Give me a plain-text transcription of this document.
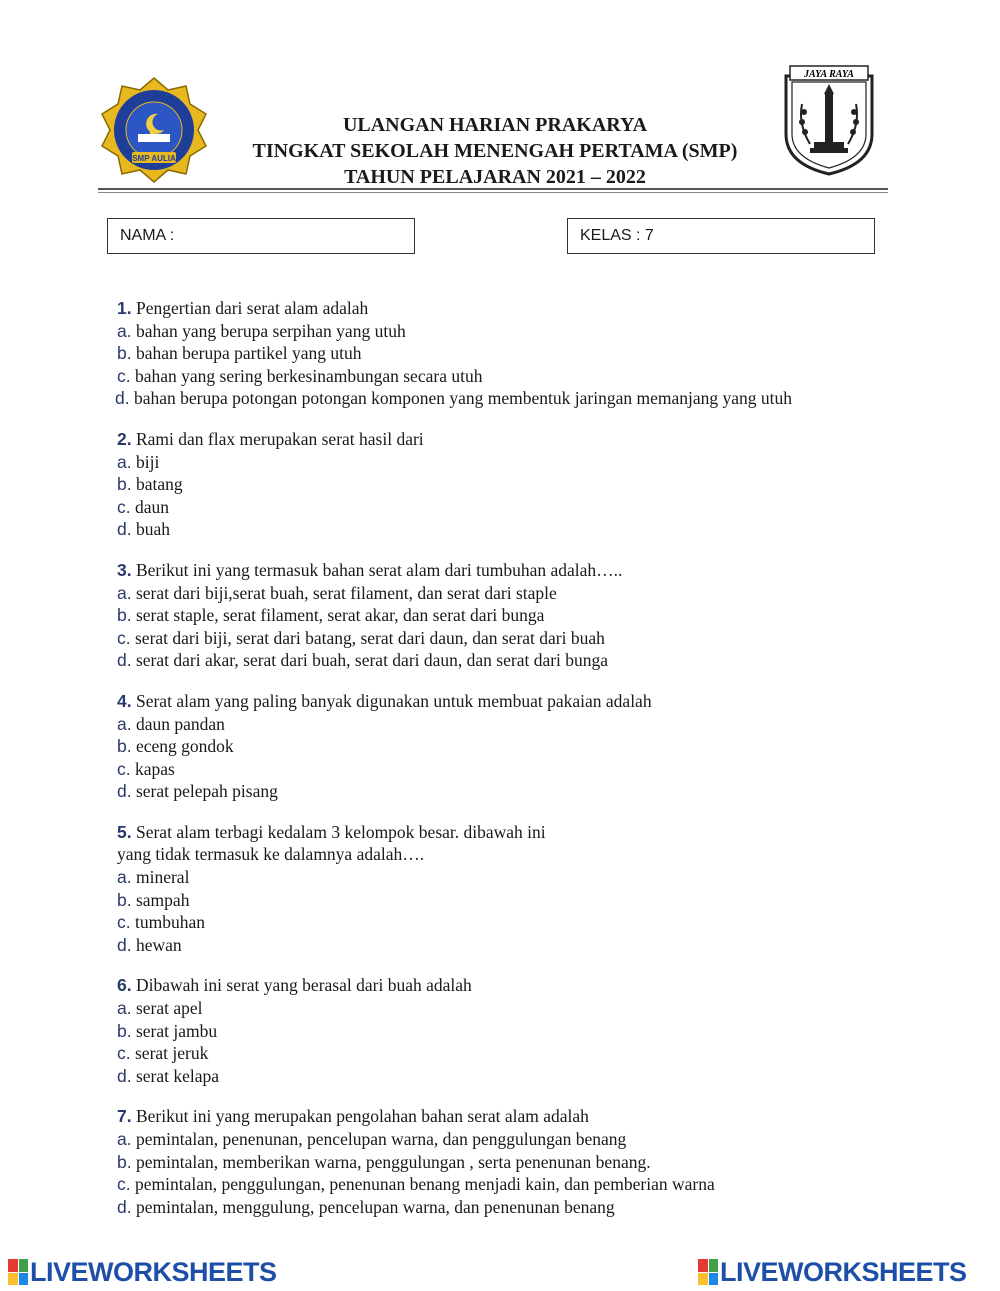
SMP AULIA
JAYA RAYA
ULANGAN HARIAN PRAKARYA
TINGKAT SEKOLAH MENENGAH PERTAMA (SMP)
TAHUN PELAJARAN 2021 – 2022
NAMA :	KELAS : 7
1. Pengertian dari serat alam adalah
a. bahan yang berupa serpihan yang utuh
b. bahan berupa partikel yang utuh
c. bahan yang sering berkesinambungan secara utuh
d. bahan berupa potongan potongan komponen yang membentuk jaringan memanjang yang utuh
2. Rami dan flax merupakan serat hasil dari
a. biji
b. batang
c. daun
d. buah
3. Berikut ini yang termasuk bahan serat alam dari tumbuhan adalah…..
a. serat dari biji,serat buah, serat filament, dan serat dari staple
b. serat staple, serat filament, serat akar, dan serat dari bunga
c. serat dari biji, serat dari batang, serat dari daun, dan serat dari buah
d. serat dari akar, serat dari buah, serat dari daun, dan serat dari bunga
4. Serat alam yang paling banyak digunakan untuk membuat pakaian adalah
a. daun pandan
b. eceng gondok
c. kapas
d. serat pelepah pisang
5. Serat alam terbagi kedalam 3 kelompok besar. dibawah ini
yang tidak termasuk ke dalamnya adalah….
a. mineral
b. sampah
c. tumbuhan
d. hewan
6. Dibawah ini serat yang berasal dari buah adalah
a. serat apel
b. serat jambu
c. serat jeruk
d. serat kelapa
7. Berikut ini yang merupakan pengolahan bahan serat alam adalah
a. pemintalan, penenunan, pencelupan warna, dan penggulungan benang
b. pemintalan, memberikan warna, penggulungan , serta penenunan benang.
c. pemintalan, penggulungan, penenunan benang menjadi kain, dan pemberian warna
d. pemintalan, menggulung, pencelupan warna, dan penenunan benang
LIVEWORKSHEETS	LIVEWORKSHEETS
